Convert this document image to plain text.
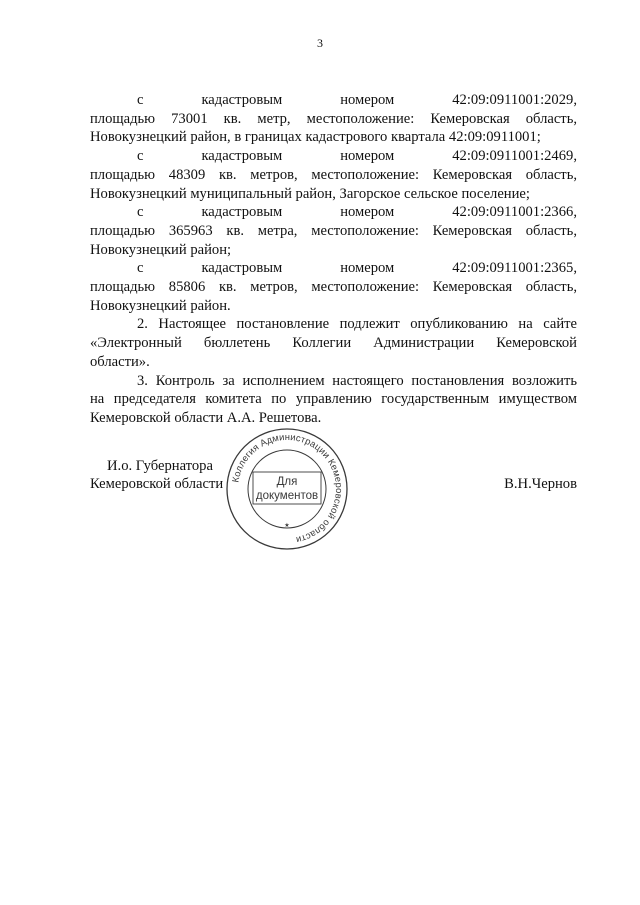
3
с	кадастровым	номером	42:09:0911001:2029,
площадью 73001 кв. метр, местоположение: Кемеровская область,
Новокузнецкий район, в границах кадастрового квартала 42:09:0911001;
с	кадастровым	номером	42:09:0911001:2469,
площадью 48309 кв. метров, местоположение: Кемеровская область,
Новокузнецкий муниципальный район, Загорское сельское поселение;
с	кадастровым	номером	42:09:0911001:2366,
площадью 365963 кв. метра, местоположение: Кемеровская область,
Новокузнецкий район;
с	кадастровым	номером	42:09:0911001:2365,
площадью 85806 кв. метров, местоположение: Кемеровская область,
Новокузнецкий район.
2. Настоящее постановление подлежит опубликованию на сайте
«Электронный бюллетень Коллегии Администрации Кемеровской
области».
3. Контроль за исполнением настоящего постановления возложить
на председателя комитета по управлению государственным имуществом
Кемеровской области А.А. Решетова.
И.о. Губернатора
Кемеровской области	В.Н.Чернов
Коллегия Администрации Кемеровской области
Для
документов
★
